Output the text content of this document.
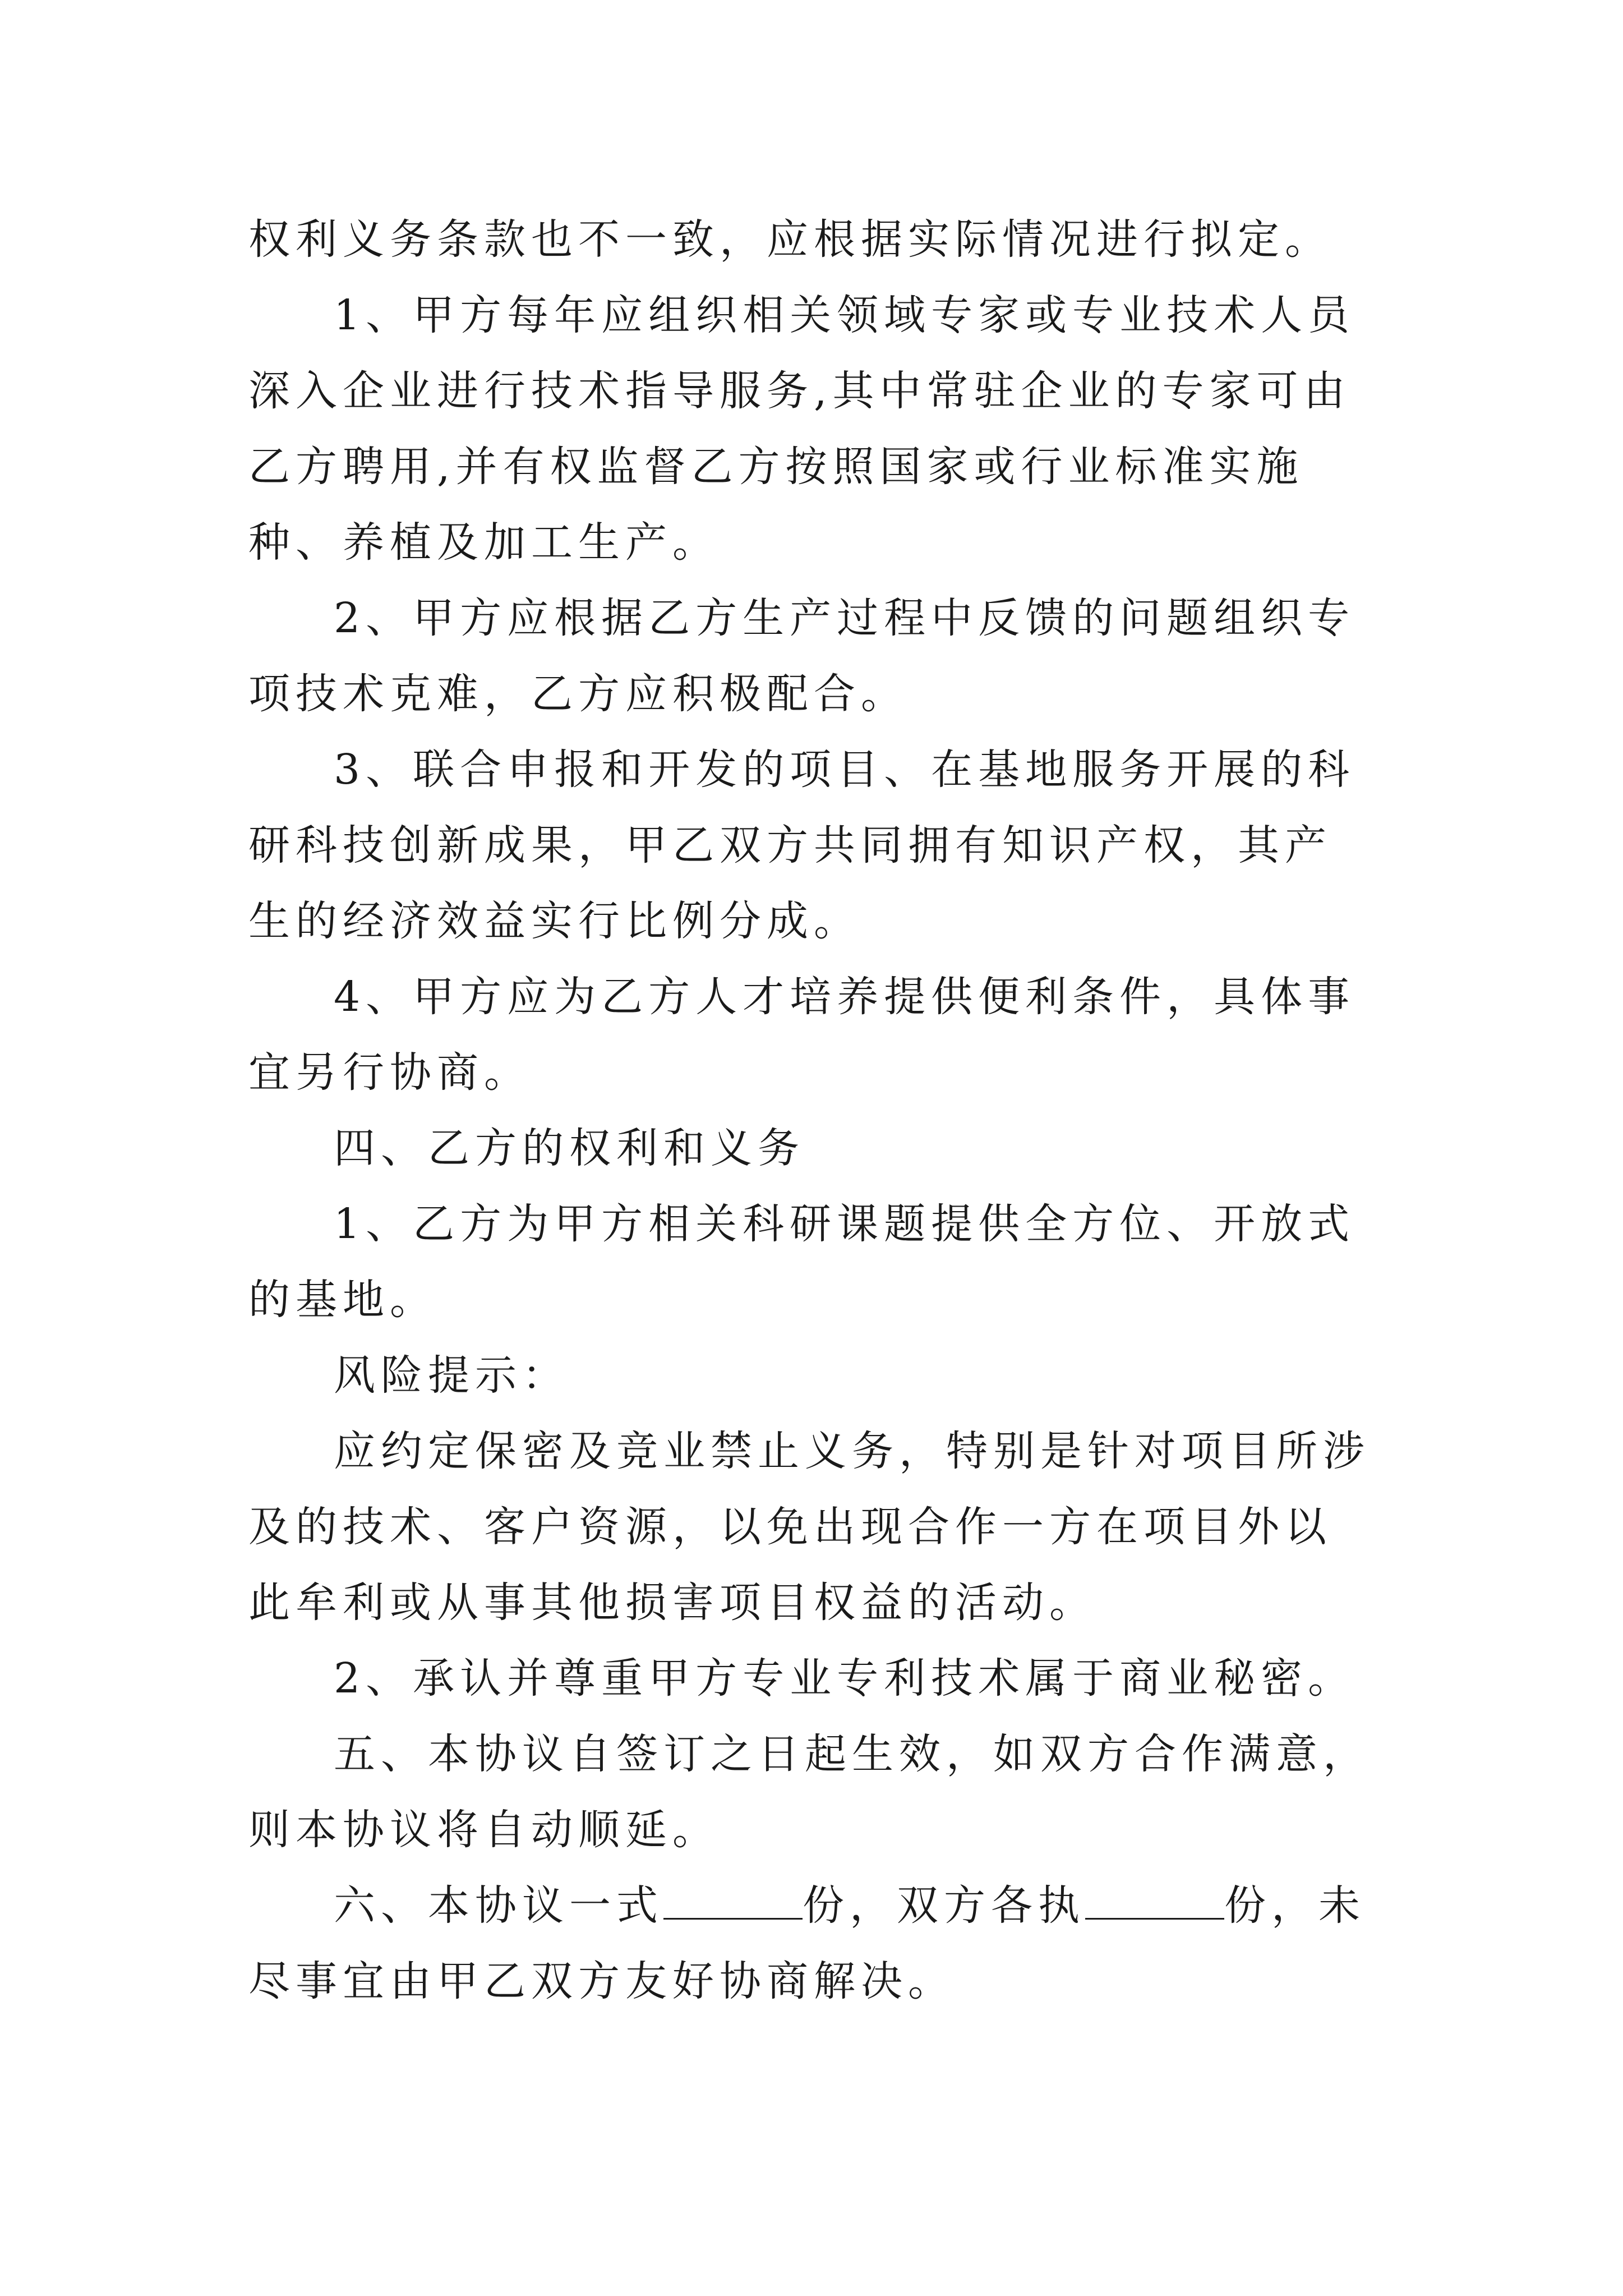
权利义务条款也不一致，应根据实际情况进行拟定。

1、甲方每年应组织相关领域专家或专业技术人员深入企业进行技术指导服务,其中常驻企业的专家可由乙方聘用,并有权监督乙方按照国家或行业标准实施种、养植及加工生产。

2、甲方应根据乙方生产过程中反馈的问题组织专项技术克难，乙方应积极配合。

3、联合申报和开发的项目、在基地服务开展的科研科技创新成果，甲乙双方共同拥有知识产权，其产生的经济效益实行比例分成。

4、甲方应为乙方人才培养提供便利条件，具体事宜另行协商。

四、乙方的权利和义务

1、乙方为甲方相关科研课题提供全方位、开放式的基地。

风险提示：

应约定保密及竞业禁止义务，特别是针对项目所涉及的技术、客户资源，以免出现合作一方在项目外以此牟利或从事其他损害项目权益的活动。

2、承认并尊重甲方专业专利技术属于商业秘密。

五、本协议自签订之日起生效，如双方合作满意，则本协议将自动顺延。

六、本协议一式	份，双方各执	份，未尽事宜由甲乙双方友好协商解决。
